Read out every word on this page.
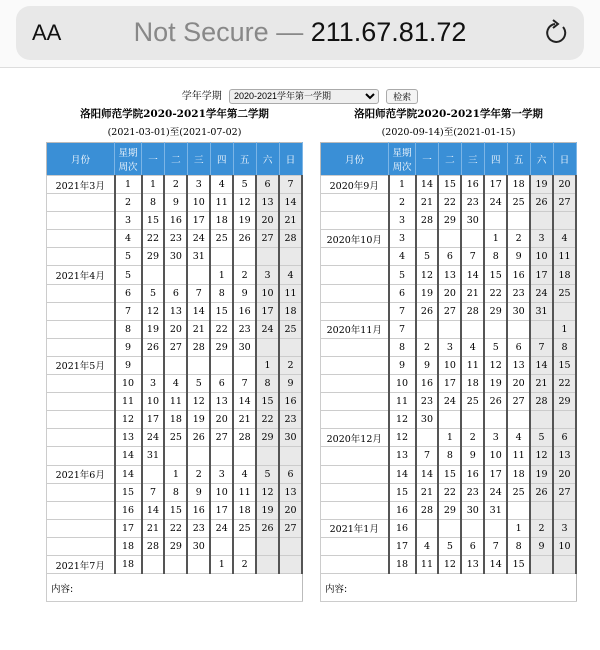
AA	Not Secure — 211.67.81.72
学年学期
2020-2021学年第一学期	检索
洛阳师范学院2020-2021学年第二学期
(2021-03-01)至(2021-07-02)
月份	星期周次	一	二	三	四	五	六	日
2021年3月	1	1	2	3	4	5	6	7
	2	8	9	10	11	12	13	14
	3	15	16	17	18	19	20	21
	4	22	23	24	25	26	27	28
	5	29	30	31				
2021年4月	5				1	2	3	4
	6	5	6	7	8	9	10	11
	7	12	13	14	15	16	17	18
	8	19	20	21	22	23	24	25
	9	26	27	28	29	30		
2021年5月	9						1	2
	10	3	4	5	6	7	8	9
	11	10	11	12	13	14	15	16
	12	17	18	19	20	21	22	23
	13	24	25	26	27	28	29	30
	14	31						
2021年6月	14		1	2	3	4	5	6
	15	7	8	9	10	11	12	13
	16	14	15	16	17	18	19	20
	17	21	22	23	24	25	26	27
	18	28	29	30				
2021年7月	18				1	2		
内容:								
洛阳师范学院2020-2021学年第一学期
(2020-09-14)至(2021-01-15)
月份	星期周次	一	二	三	四	五	六	日
2020年9月	1	14	15	16	17	18	19	20
	2	21	22	23	24	25	26	27
	3	28	29	30				
2020年10月	3				1	2	3	4
	4	5	6	7	8	9	10	11
	5	12	13	14	15	16	17	18
	6	19	20	21	22	23	24	25
	7	26	27	28	29	30	31	
2020年11月	7							1
	8	2	3	4	5	6	7	8
	9	9	10	11	12	13	14	15
	10	16	17	18	19	20	21	22
	11	23	24	25	26	27	28	29
	12	30						
2020年12月	12		1	2	3	4	5	6
	13	7	8	9	10	11	12	13
	14	14	15	16	17	18	19	20
	15	21	22	23	24	25	26	27
	16	28	29	30	31			
2021年1月	16					1	2	3
	17	4	5	6	7	8	9	10
	18	11	12	13	14	15		
内容:								
